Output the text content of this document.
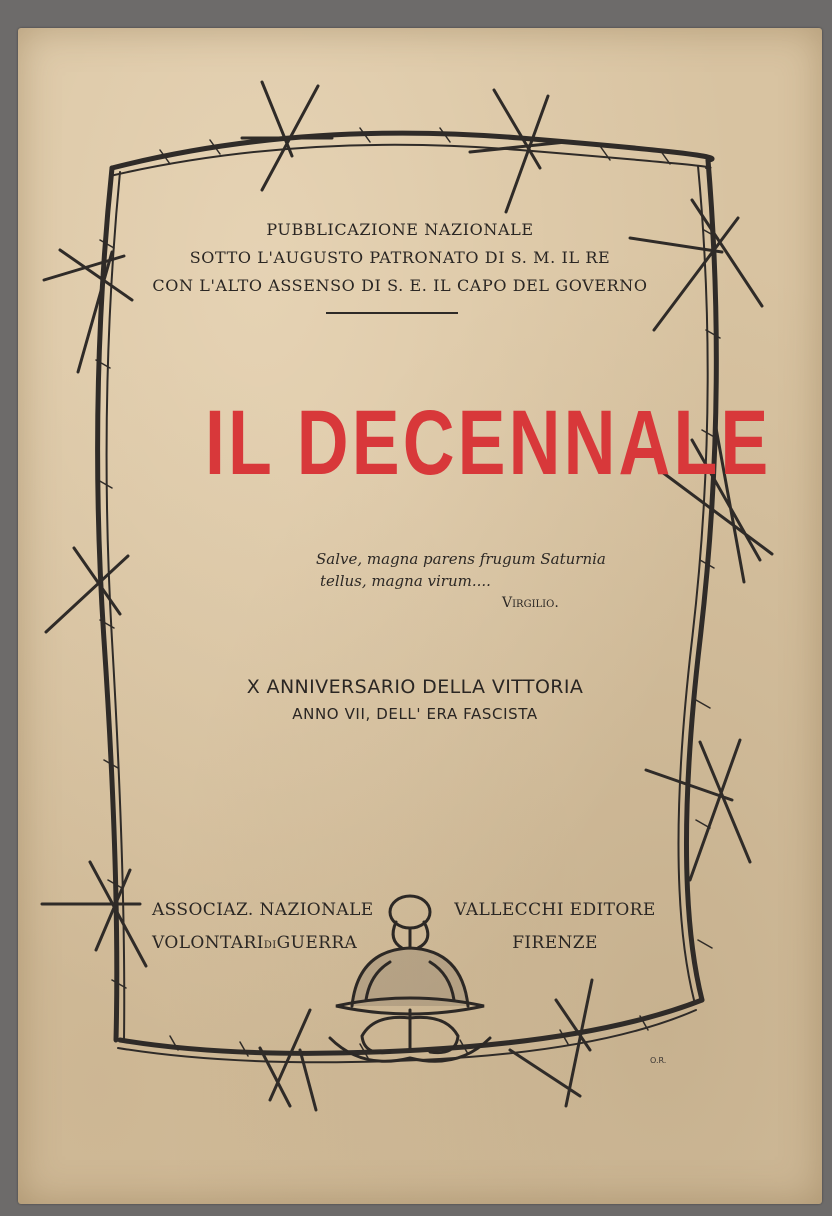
PUBBLICAZIONE NAZIONALE
SOTTO L'AUGUSTO PATRONATO DI S. M. IL RE
CON L'ALTO ASSENSO DI S. E. IL CAPO DEL GOVERNO
IL DECENNALE
Salve, magna parens frugum Saturnia
tellus, magna virum....
Virgilio.
X ANNIVERSARIO DELLA VITTORIA
ANNO VII, DELL' ERA FASCISTA
ASSOCIAZ. NAZIONALE
VOLONTARIDIGUERRA
VALLECCHI EDITORE
FIRENZE
O.R.
